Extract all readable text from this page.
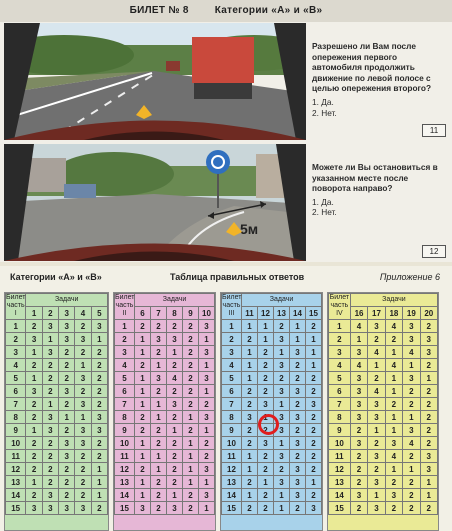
БИЛЕТ № 8	Категории «А» и «В»
Разрешено ли Вам после опережения первого автомобиля продолжить движение по левой полосе с целью опережения второго?
1. Да.
2. Нет.
11
5м
Можете ли Вы остановиться в указанном месте после поворота направо?
1. Да.
2. Нет.
12
Категории «А» и «В»	Таблица правильных ответов	Приложение 6
Билет часть I	Задачи				
	1	2	3	4	5
1	2	3	3	2	3
2	3	1	3	3	1
3	1	3	2	2	2
4	2	2	2	1	2
5	1	2	2	3	2
6	3	2	3	2	2
7	2	1	2	3	2
8	2	3	1	1	3
9	1	3	2	3	3
10	2	2	3	3	2
11	2	2	3	2	2
12	2	2	2	2	1
13	1	2	2	2	1
14	2	3	2	2	1
15	3	3	3	3	2
Билет часть II	Задачи				
	6	7	8	9	10
1	2	2	2	2	3
2	1	3	3	2	1
3	1	2	1	2	3
4	2	1	2	2	1
5	1	3	4	2	3
6	1	2	2	2	1
7	1	1	3	2	2
8	2	1	2	1	3
9	2	2	1	2	1
10	1	2	2	1	2
11	1	1	2	1	2
12	2	1	2	1	3
13	1	2	2	1	1
14	1	2	1	2	3
15	3	2	3	2	1
Билет часть III	Задачи				
	11	12	13	14	15
1	1	1	2	1	2
2	2	1	3	1	1
3	1	2	1	3	1
4	1	2	3	2	1
5	1	2	2	2	2
6	2	2	3	3	2
7	2	3	1	2	3
8	3	1	3	3	2
9	2	2	3	2	2
10	2	3	1	3	2
11	1	2	3	2	2
12	1	2	2	3	2
13	2	1	3	3	1
14	1	2	1	3	2
15	2	2	1	2	3
Билет часть IV	Задачи				
	16	17	18	19	20
1	4	3	4	3	2
2	1	2	2	3	3
3	3	4	1	4	3
4	4	1	4	1	2
5	3	2	1	3	1
6	3	4	1	2	2
7	3	3	2	2	2
8	3	3	1	1	2
9	2	1	1	3	2
10	3	2	3	4	2
11	2	3	4	2	3
12	2	2	1	1	3
13	2	3	2	2	1
14	3	1	3	2	1
15	2	3	2	2	2
